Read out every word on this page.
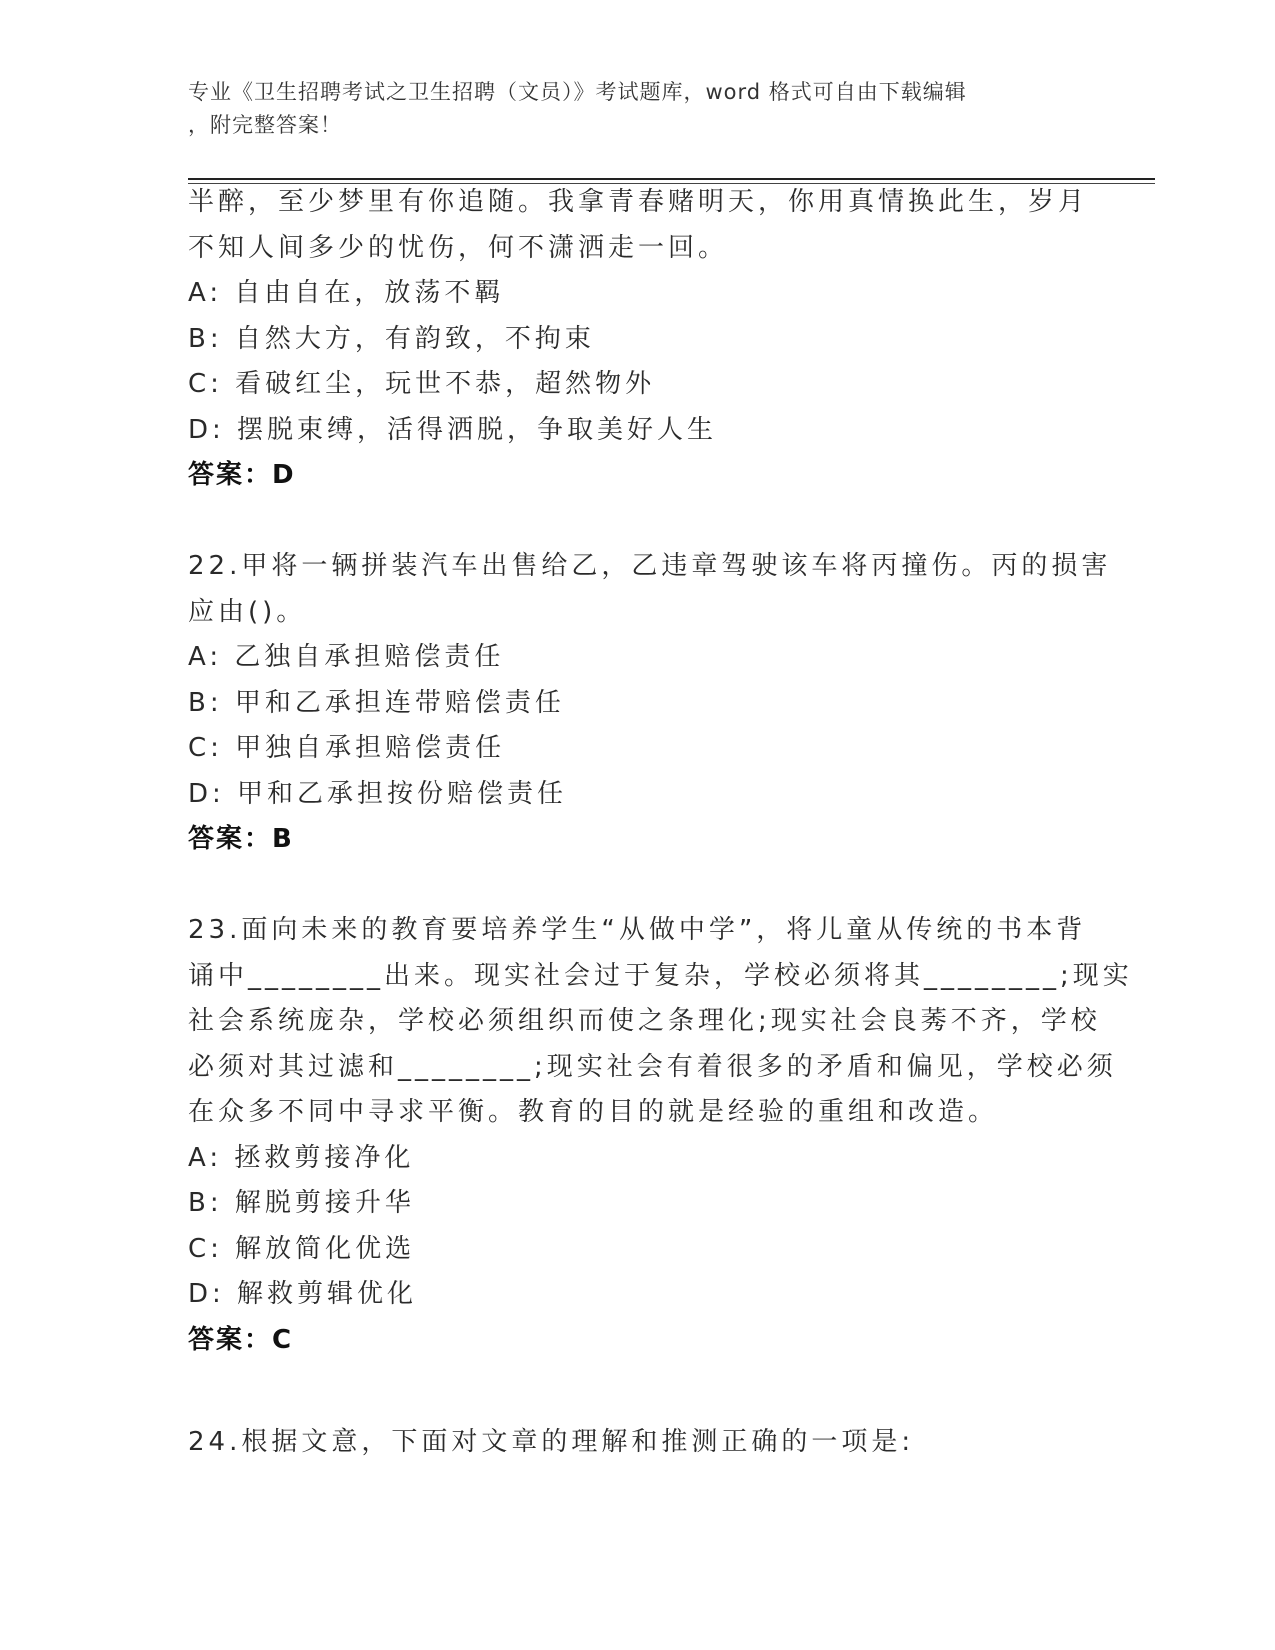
专业《卫生招聘考试之卫生招聘（文员）》考试题库，word 格式可自由下载编辑
，附完整答案！
半醉，至少梦里有你追随。我拿青春赌明天，你用真情换此生，岁月
不知人间多少的忧伤，何不潇洒走一回。
A: 自由自在，放荡不羁
B: 自然大方，有韵致，不拘束
C: 看破红尘，玩世不恭，超然物外
D: 摆脱束缚，活得洒脱，争取美好人生
答案：D
22.甲将一辆拼装汽车出售给乙，乙违章驾驶该车将丙撞伤。丙的损害
应由()。
A: 乙独自承担赔偿责任
B: 甲和乙承担连带赔偿责任
C: 甲独自承担赔偿责任
D: 甲和乙承担按份赔偿责任
答案：B
23.面向未来的教育要培养学生“从做中学”，将儿童从传统的书本背
诵中________出来。现实社会过于复杂，学校必须将其________;现实
社会系统庞杂，学校必须组织而使之条理化;现实社会良莠不齐，学校
必须对其过滤和________;现实社会有着很多的矛盾和偏见，学校必须
在众多不同中寻求平衡。教育的目的就是经验的重组和改造。
A: 拯救剪接净化
B: 解脱剪接升华
C: 解放简化优选
D: 解救剪辑优化
答案：C
24.根据文意，下面对文章的理解和推测正确的一项是:
